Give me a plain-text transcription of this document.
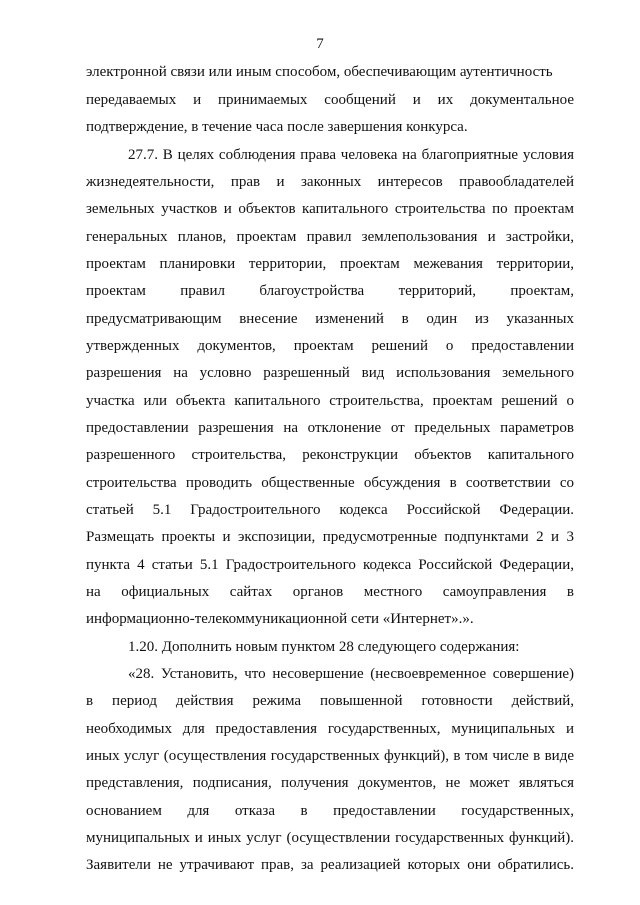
7
электронной связи или иным способом, обеспечивающим аутентичность
передаваемых и принимаемых сообщений и их документальное
подтверждение, в течение часа после завершения конкурса.
27.7. В целях соблюдения права человека на благоприятные условия
жизнедеятельности, прав и законных интересов правообладателей
земельных участков и объектов капитального строительства по проектам
генеральных планов, проектам правил землепользования и застройки,
проектам планировки территории, проектам межевания территории,
проектам правил благоустройства территорий, проектам,
предусматривающим внесение изменений в один из указанных
утвержденных документов, проектам решений о предоставлении
разрешения на условно разрешенный вид использования земельного
участка или объекта капитального строительства, проектам решений о
предоставлении разрешения на отклонение от предельных параметров
разрешенного строительства, реконструкции объектов капитального
строительства проводить общественные обсуждения в соответствии со
статьей 5.1 Градостроительного кодекса Российской Федерации.
Размещать проекты и экспозиции, предусмотренные подпунктами 2 и 3
пункта 4 статьи 5.1 Градостроительного кодекса Российской Федерации,
на официальных сайтах органов местного самоуправления в
информационно-телекоммуникационной сети «Интернет».».
1.20. Дополнить новым пунктом 28 следующего содержания:
«28. Установить, что несовершение (несвоевременное совершение)
в период действия режима повышенной готовности действий,
необходимых для предоставления государственных, муниципальных и
иных услуг (осуществления государственных функций), в том числе в виде
представления, подписания, получения документов, не может являться
основанием для отказа в предоставлении государственных,
муниципальных и иных услуг (осуществлении государственных функций).
Заявители не утрачивают прав, за реализацией которых они обратились.
